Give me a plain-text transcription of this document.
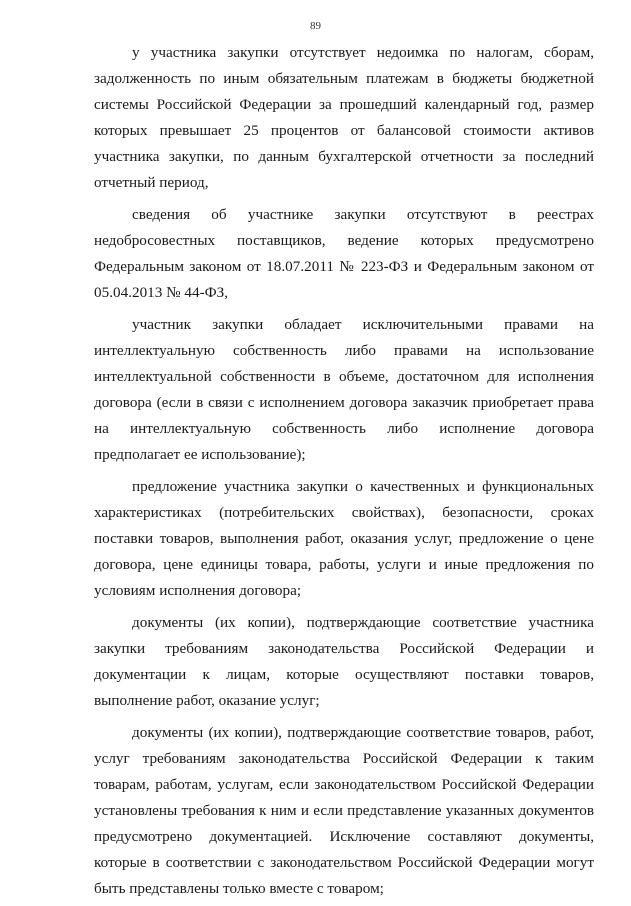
89

у участника закупки отсутствует недоимка по налогам, сборам, задолженность по иным обязательным платежам в бюджеты бюджетной системы Российской Федерации за прошедший календарный год, размер которых превышает 25 процентов от балансовой стоимости активов участника закупки, по данным бухгалтерской отчетности за последний отчетный период,

сведения об участнике закупки отсутствуют в реестрах недобросовестных поставщиков, ведение которых предусмотрено Федеральным законом от 18.07.2011 № 223-ФЗ и Федеральным законом от 05.04.2013 № 44-ФЗ,

участник закупки обладает исключительными правами на интеллектуальную собственность либо правами на использование интеллектуальной собственности в объеме, достаточном для исполнения договора (если в связи с исполнением договора заказчик приобретает права на интеллектуальную собственность либо исполнение договора предполагает ее использование);

предложение участника закупки о качественных и функциональных характеристиках (потребительских свойствах), безопасности, сроках поставки товаров, выполнения работ, оказания услуг, предложение о цене договора, цене единицы товара, работы, услуги и иные предложения по условиям исполнения договора;

документы (их копии), подтверждающие соответствие участника закупки требованиям законодательства Российской Федерации и документации к лицам, которые осуществляют поставки товаров, выполнение работ, оказание услуг;

документы (их копии), подтверждающие соответствие товаров, работ, услуг требованиям законодательства Российской Федерации к таким товарам, работам, услугам, если законодательством Российской Федерации установлены требования к ним и если представление указанных документов предусмотрено документацией. Исключение составляют документы, которые в соответствии с законодательством Российской Федерации могут быть представлены только вместе с товаром;
